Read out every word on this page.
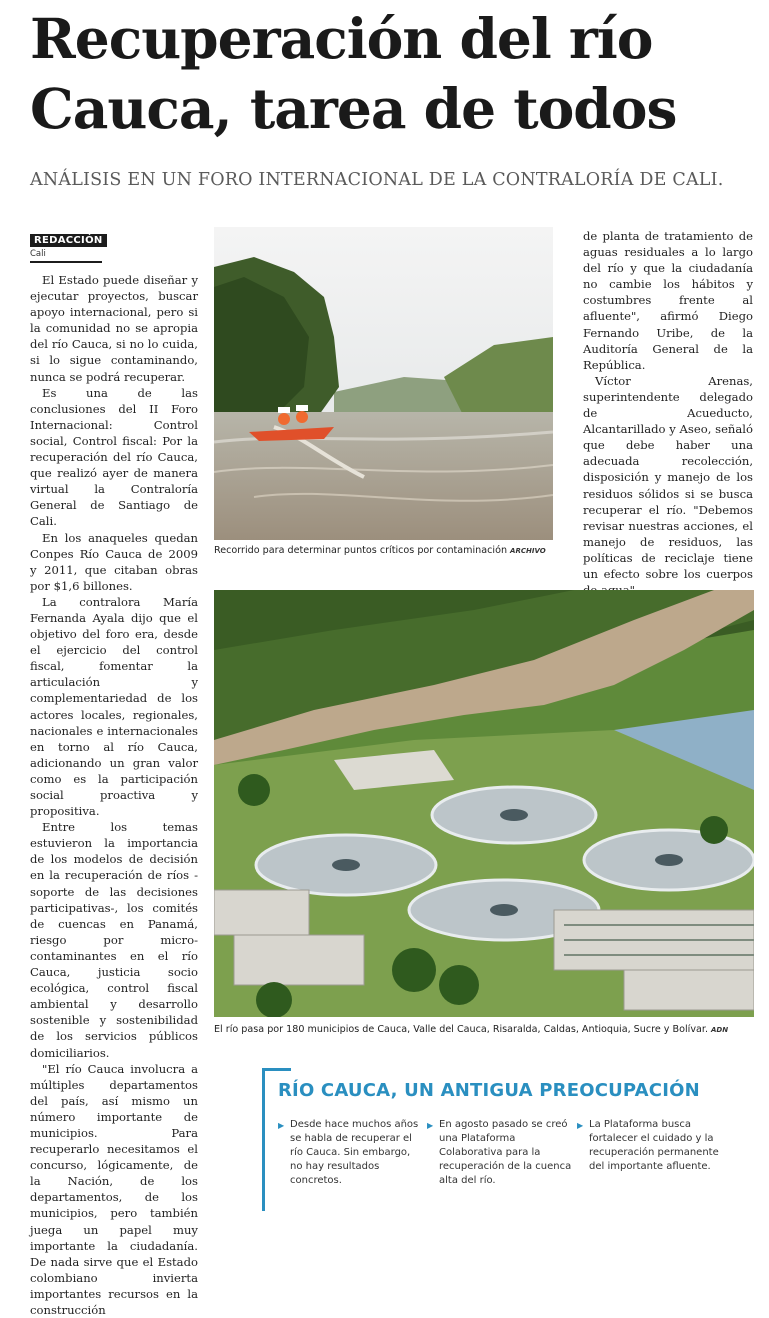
Recuperación del río
Cauca, tarea de todos

ANÁLISIS EN UN FORO INTERNACIONAL DE LA CONTRALORÍA DE CALI.

REDACCIÓN
Cali

El Estado puede diseñar y ejecutar proyectos, buscar apoyo internacional, pero si la comunidad no se apropia del río Cauca, si no lo cuida, si lo sigue contaminando, nunca se podrá recuperar.

Es una de las conclusiones del II Foro Internacional: Control social, Control fiscal: Por la recuperación del río Cauca, que realizó ayer de manera virtual la Contraloría General de Santiago de Cali.

En los anaqueles quedan Conpes Río Cauca de 2009 y 2011, que citaban obras por $1,6 billones.

La contralora María Fernanda Ayala dijo que el objetivo del foro era, desde el ejercicio del control fiscal, fomentar la articulación y complementariedad de los actores locales, regionales, nacionales e internacionales en torno al río Cauca, adicionando un gran valor como es la participación social proactiva y propositiva.

Entre los temas estuvieron la importancia de los modelos de decisión en la recuperación de ríos -soporte de las decisiones participativas-, los comités de cuencas en Panamá, riesgo por micro-contaminantes en el río Cauca, justicia socio ecológica, control fiscal ambiental y desarrollo sostenible y sostenibilidad de los servicios públicos domiciliarios.

"El río Cauca involucra a múltiples departamentos del país, así mismo un número importante de municipios. Para recuperarlo necesitamos el concurso, lógicamente, de la Nación, de los departamentos, de los municipios, pero también juega un papel muy importante la ciudadanía. De nada sirve que el Estado colombiano invierta importantes recursos en la construcción

Recorrido para determinar puntos críticos por contaminación ARCHIVO

de planta de tratamiento de aguas residuales a lo largo del río y que la ciudadanía no cambie los hábitos y costumbres frente al afluente", afirmó Diego Fernando Uribe, de la Auditoría General de la República.

Víctor Arenas, superintendente delegado de Acueducto, Alcantarillado y Aseo, señaló que debe haber una adecuada recolección, disposición y manejo de los residuos sólidos si se busca recuperar el río. "Debemos revisar nuestras acciones, el manejo de residuos, las políticas de reciclaje tiene un efecto sobre los cuerpos

El río pasa por 180 municipios de Cauca, Valle del Cauca, Risaralda, Caldas, Antioquia, Sucre y Bolívar. ADN
RÍO CAUCA, UN ANTIGUA PREOCUPACIÓN
▶ Desde hace muchos años se habla de recuperar el río Cauca. Sin embargo, no hay resultados concretos.
▶ En agosto pasado se creó una Plataforma Colaborativa para la recuperación de la cuenca alta del río.
▶ La Plataforma busca fortalecer el cuidado y la recuperación permanente del importante afluente.
